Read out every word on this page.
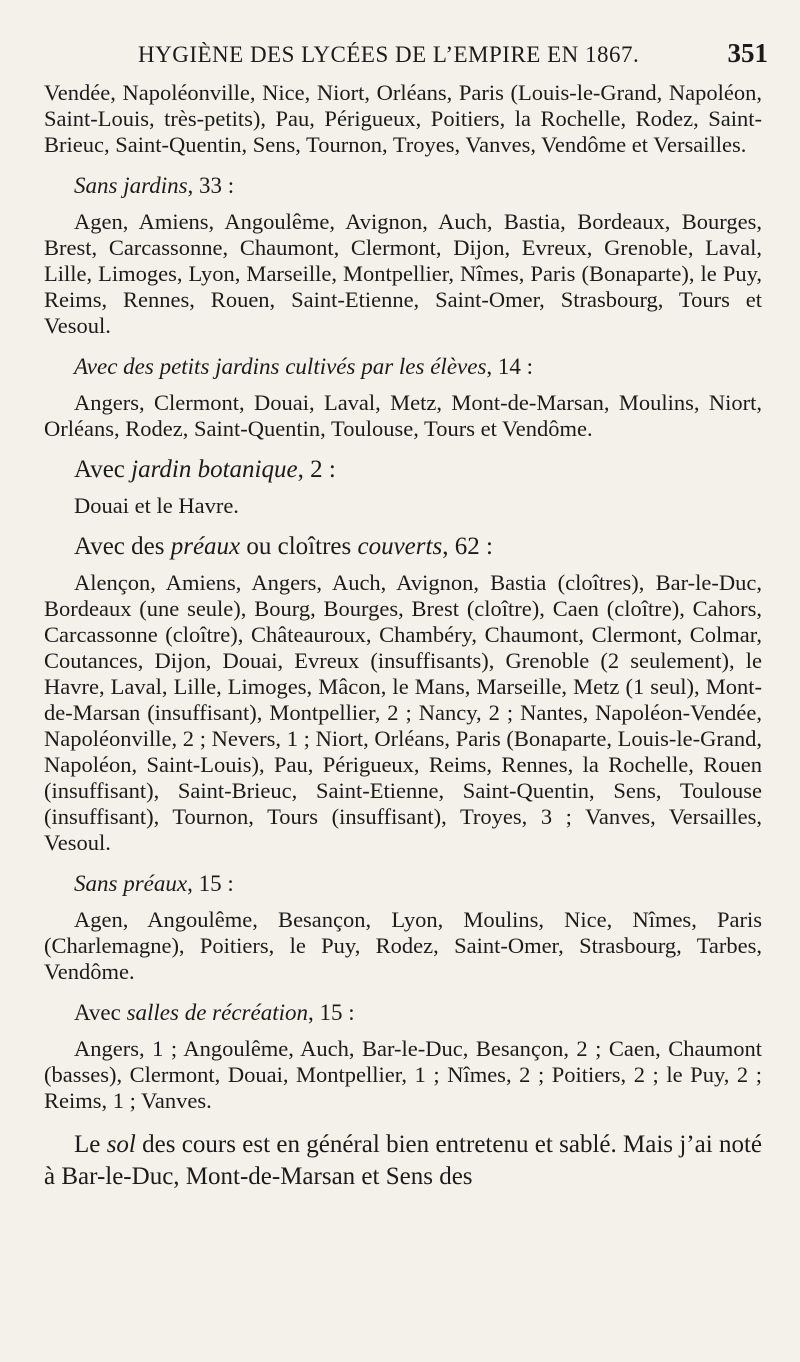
HYGIÈNE DES LYCÉES DE L’EMPIRE EN 1867.	351

Vendée, Napoléonville, Nice, Niort, Orléans, Paris (Louis-le-Grand, Napoléon, Saint-Louis, très-petits), Pau, Périgueux, Poitiers, la Rochelle, Rodez, Saint-Brieuc, Saint-Quentin, Sens, Tournon, Troyes, Vanves, Vendôme et Versailles.

Sans jardins, 33 :

Agen, Amiens, Angoulême, Avignon, Auch, Bastia, Bordeaux, Bourges, Brest, Carcassonne, Chaumont, Clermont, Dijon, Evreux, Grenoble, Laval, Lille, Limoges, Lyon, Marseille, Montpellier, Nîmes, Paris (Bonaparte), le Puy, Reims, Rennes, Rouen, Saint-Etienne, Saint-Omer, Strasbourg, Tours et Vesoul.

Avec des petits jardins cultivés par les élèves, 14 :

Angers, Clermont, Douai, Laval, Metz, Mont-de-Marsan, Moulins, Niort, Orléans, Rodez, Saint-Quentin, Toulouse, Tours et Vendôme.

Avec jardin botanique, 2 :

Douai et le Havre.

Avec des préaux ou cloîtres couverts, 62 :

Alençon, Amiens, Angers, Auch, Avignon, Bastia (cloîtres), Bar-le-Duc, Bordeaux (une seule), Bourg, Bourges, Brest (cloître), Caen (cloître), Cahors, Carcassonne (cloître), Châteauroux, Chambéry, Chaumont, Clermont, Colmar, Coutances, Dijon, Douai, Evreux (insuffisants), Grenoble (2 seulement), le Havre, Laval, Lille, Limoges, Mâcon, le Mans, Marseille, Metz (1 seul), Mont-de-Marsan (insuffisant), Montpellier, 2 ; Nancy, 2 ; Nantes, Napoléon-Vendée, Napoléonville, 2 ; Nevers, 1 ; Niort, Orléans, Paris (Bonaparte, Louis-le-Grand, Napoléon, Saint-Louis), Pau, Périgueux, Reims, Rennes, la Rochelle, Rouen (insuffisant), Saint-Brieuc, Saint-Etienne, Saint-Quentin, Sens, Toulouse (insuffisant), Tournon, Tours (insuffisant), Troyes, 3 ; Vanves, Versailles, Vesoul.

Sans préaux, 15 :

Agen, Angoulême, Besançon, Lyon, Moulins, Nice, Nîmes, Paris (Charlemagne), Poitiers, le Puy, Rodez, Saint-Omer, Strasbourg, Tarbes, Vendôme.

Avec salles de récréation, 15 :

Angers, 1 ; Angoulême, Auch, Bar-le-Duc, Besançon, 2 ; Caen, Chaumont (basses), Clermont, Douai, Montpellier, 1 ; Nîmes, 2 ; Poitiers, 2 ; le Puy, 2 ; Reims, 1 ; Vanves.

Le sol des cours est en général bien entretenu et sablé. Mais j’ai noté à Bar-le-Duc, Mont-de-Marsan et Sens des
